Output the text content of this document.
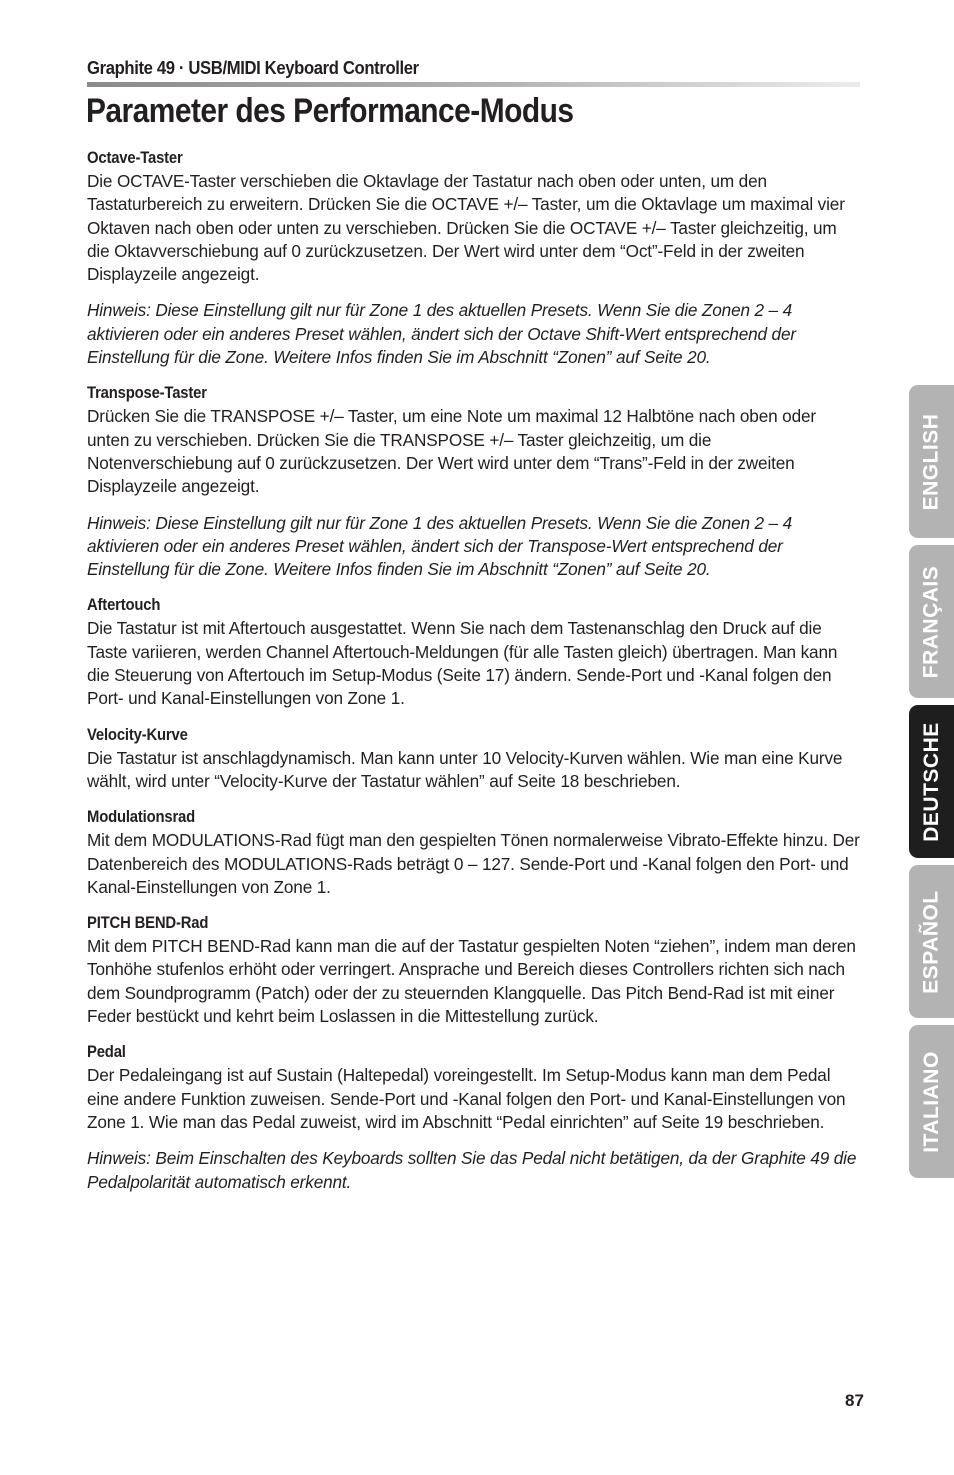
Graphite 49 · USB/MIDI Keyboard Controller
Parameter des Performance-Modus
Octave-Taster

Die OCTAVE-Taster verschieben die Oktavlage der Tastatur nach oben oder unten, um den Tastaturbereich zu erweitern. Drücken Sie die OCTAVE +/– Taster, um die Oktavlage um maximal vier Oktaven nach oben oder unten zu verschieben. Drücken Sie die OCTAVE +/– Taster gleichzeitig, um die Oktavverschiebung auf 0 zurückzusetzen. Der Wert wird unter dem “Oct”-Feld in der zweiten Displayzeile angezeigt.

Hinweis: Diese Einstellung gilt nur für Zone 1 des aktuellen Presets. Wenn Sie die Zonen 2 – 4 aktivieren oder ein anderes Preset wählen, ändert sich der Octave Shift-Wert entsprechend der Einstellung für die Zone. Weitere Infos finden Sie im Abschnitt “Zonen” auf Seite 20.

Transpose-Taster

Drücken Sie die TRANSPOSE +/– Taster, um eine Note um maximal 12 Halbtöne nach oben oder unten zu verschieben. Drücken Sie die TRANSPOSE +/– Taster gleichzeitig, um die Notenverschiebung auf 0 zurückzusetzen. Der Wert wird unter dem “Trans”-Feld in der zweiten Displayzeile angezeigt.

Hinweis: Diese Einstellung gilt nur für Zone 1 des aktuellen Presets. Wenn Sie die Zonen 2 – 4 aktivieren oder ein anderes Preset wählen, ändert sich der Transpose-Wert entsprechend der Einstellung für die Zone. Weitere Infos finden Sie im Abschnitt “Zonen” auf Seite 20.

Aftertouch

Die Tastatur ist mit Aftertouch ausgestattet. Wenn Sie nach dem Tastenanschlag den Druck auf die Taste variieren, werden Channel Aftertouch-Meldungen (für alle Tasten gleich) übertragen. Man kann die Steuerung von Aftertouch im Setup-Modus (Seite 17) ändern. Sende-Port und -Kanal folgen den Port- und Kanal-Einstellungen von Zone 1.

Velocity-Kurve

Die Tastatur ist anschlagdynamisch. Man kann unter 10 Velocity-Kurven wählen. Wie man eine Kurve wählt, wird unter “Velocity-Kurve der Tastatur wählen” auf Seite 18 beschrieben.

Modulationsrad

Mit dem MODULATIONS-Rad fügt man den gespielten Tönen normalerweise Vibrato-Effekte hinzu. Der Datenbereich des MODULATIONS-Rads beträgt 0 – 127. Sende-Port und -Kanal folgen den Port- und Kanal-Einstellungen von Zone 1.

PITCH BEND-Rad

Mit dem PITCH BEND-Rad kann man die auf der Tastatur gespielten Noten “ziehen”, indem man deren Tonhöhe stufenlos erhöht oder verringert. Ansprache und Bereich dieses Controllers richten sich nach dem Soundprogramm (Patch) oder der zu steuernden Klangquelle. Das Pitch Bend-Rad ist mit einer Feder bestückt und kehrt beim Loslassen in die Mittestellung zurück.

Pedal

Der Pedaleingang ist auf Sustain (Haltepedal) voreingestellt. Im Setup-Modus kann man dem Pedal eine andere Funktion zuweisen. Sende-Port und -Kanal folgen den Port- und Kanal-Einstellungen von Zone 1. Wie man das Pedal zuweist, wird im Abschnitt “Pedal einrichten” auf Seite 19 beschrieben.

Hinweis: Beim Einschalten des Keyboards sollten Sie das Pedal nicht betätigen, da der Graphite 49 die Pedalpolarität automatisch erkennt.

ENGLISH
FRANÇAIS
DEUTSCHE
ESPAÑOL
ITALIANO
87
